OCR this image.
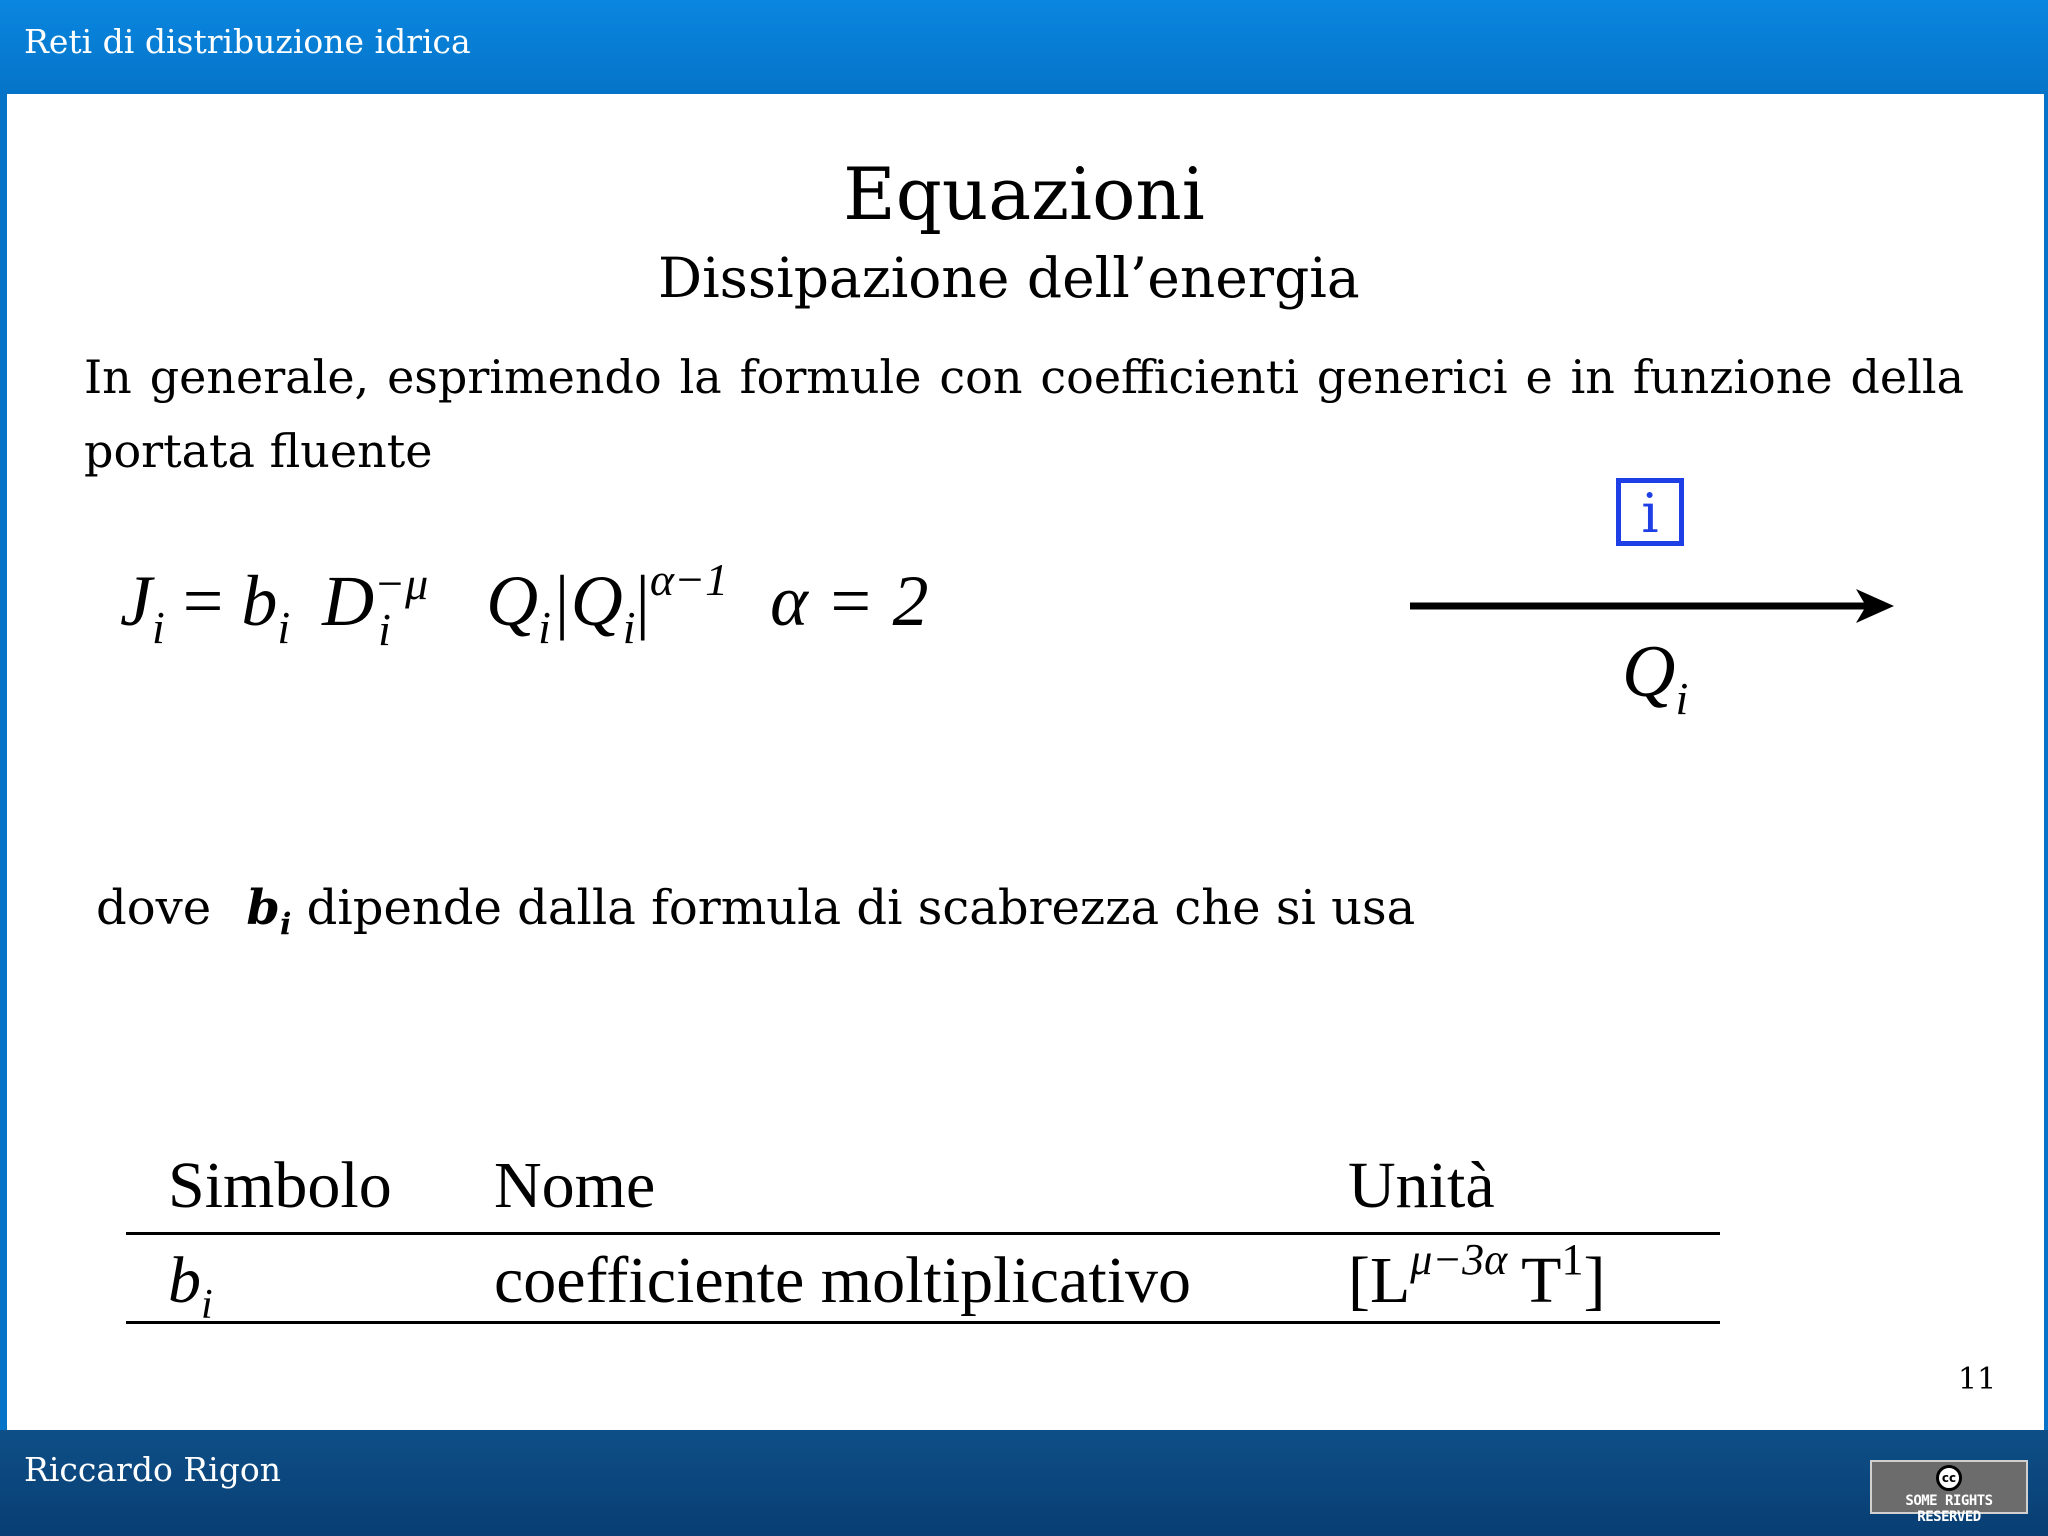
Reti di distribuzione idrica
Equazioni
Dissipazione dell’energia
In generale, esprimendo la formule con coefficienti generici e in funzione della portata fluente
$J_i = b_i$ D −μ
i $Q_i|Q_i|^{\alpha-1}$ α = 2
i
$Q_i$
dove $b_i$ dipende dalla formula di scabrezza che si usa
Simbolo Nome	Unità
$b_i$	coefficiente moltiplicativo [$L^{\mu-3\alpha}$ $T^1$]
11
Riccardo Rigon	cc
SOME RIGHTS RESERVED
